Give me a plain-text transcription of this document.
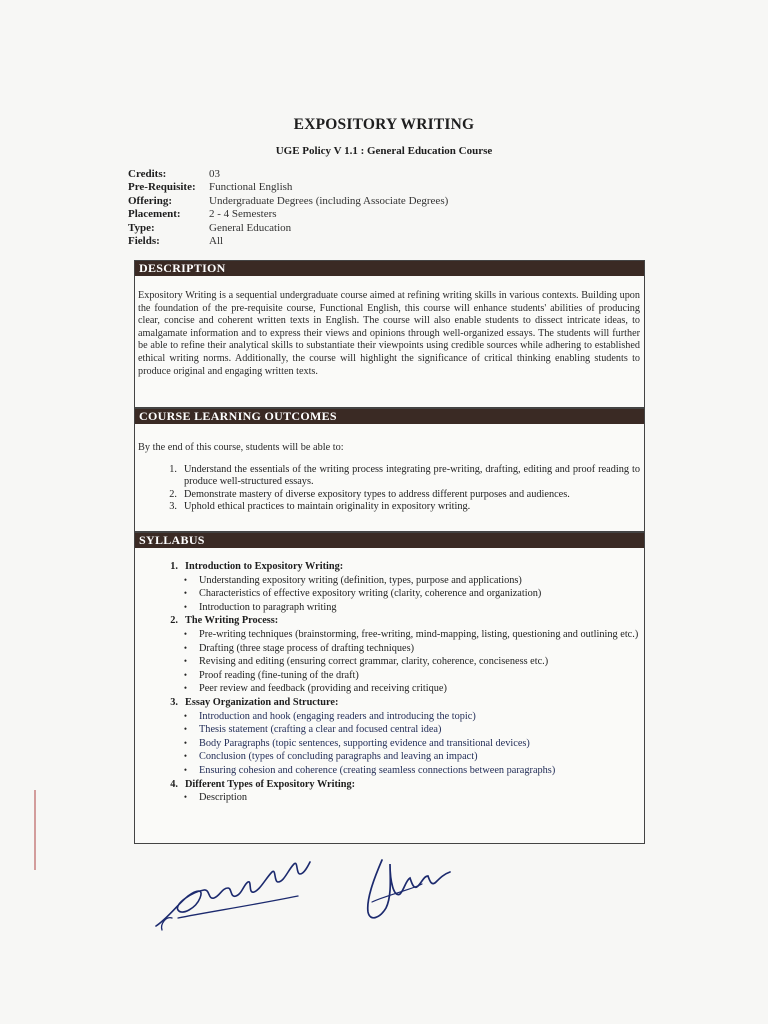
EXPOSITORY WRITING
UGE Policy V 1.1 : General Education Course
Credits:	03
Pre-Requisite:	Functional English
Offering:	Undergraduate Degrees (including Associate Degrees)
Placement:	2 - 4 Semesters
Type:	General Education
Fields:	All
DESCRIPTION
Expository Writing is a sequential undergraduate course aimed at refining writing skills in various contexts. Building upon the foundation of the pre-requisite course, Functional English, this course will enhance students' abilities of producing clear, concise and coherent written texts in English. The course will also enable students to dissect intricate ideas, to amalgamate information and to express their views and opinions through well-organized essays. The students will further be able to refine their analytical skills to substantiate their viewpoints using credible sources while adhering to established ethical writing norms. Additionally, the course will highlight the significance of critical thinking enabling students to produce original and engaging written texts.
COURSE LEARNING OUTCOMES
By the end of this course, students will be able to:
1. Understand the essentials of the writing process integrating pre-writing, drafting, editing and proof reading to produce well-structured essays.
2. Demonstrate mastery of diverse expository types to address different purposes and audiences.
3. Uphold ethical practices to maintain originality in expository writing.
SYLLABUS
1. Introduction to Expository Writing:
•	Understanding expository writing (definition, types, purpose and applications)
•	Characteristics of effective expository writing (clarity, coherence and organization)
•	Introduction to paragraph writing
2. The Writing Process:
•	Pre-writing techniques (brainstorming, free-writing, mind-mapping, listing, questioning and outlining etc.)
•	Drafting (three stage process of drafting techniques)
•	Revising and editing (ensuring correct grammar, clarity, coherence, conciseness etc.)
•	Proof reading (fine-tuning of the draft)
•	Peer review and feedback (providing and receiving critique)
3. Essay Organization and Structure:
•	Introduction and hook (engaging readers and introducing the topic)
•	Thesis statement (crafting a clear and focused central idea)
•	Body Paragraphs (topic sentences, supporting evidence and transitional devices)
•	Conclusion (types of concluding paragraphs and leaving an impact)
•	Ensuring cohesion and coherence (creating seamless connections between paragraphs)
4. Different Types of Expository Writing:
•	Description
